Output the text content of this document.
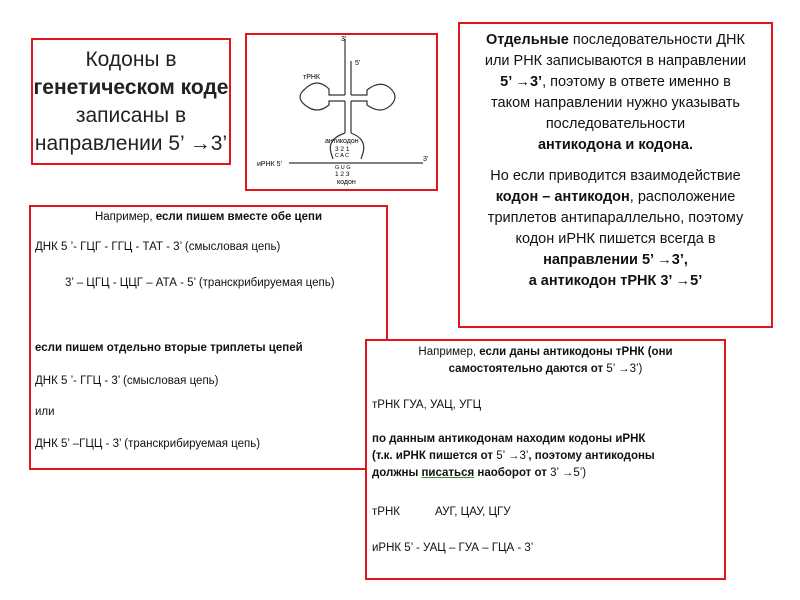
Кодоны в
генетическом коде
записаны в
направлении 5’ →3’
3’
5’
тРНК
антикодон
3 2 1
C A C
G U G
1 2 3
кодон
иРНК 5’
3’
Отдельные последовательности ДНК
или РНК записываются в направлении
5’ →3’, поэтому в ответе именно в
таком направлении нужно указывать
последовательности
антикодона и кодона.
Но если приводится взаимодействие
кодон – антикодон, расположение
триплетов антипараллельно, поэтому
кодон иРНК пишется всегда в
направлении 5’ →3’,
а антикодон тРНК 3’ →5’

Например, если пишем вместе обе цепи

ДНК 5 ’- ГЦГ - ГГЦ - ТАТ - 3’ (смысловая цепь)

3’ – ЦГЦ - ЦЦГ – АТА - 5’ (транскрибируемая цепь)

если пишем отдельно вторые триплеты цепей

ДНК 5 ’- ГГЦ - 3’ (смысловая цепь)

или

ДНК 5’ –ГЦЦ - 3’ (транскрибируемая цепь)

Например, если даны антикодоны тРНК (они

самостоятельно даются от 5’ →3’)

тРНК ГУА, УАЦ, УГЦ

по данным антикодонам находим кодоны иРНК

(т.к. иРНК пишется от 5’ →3’, поэтому антикодоны

должны писаться наоборот от 3’ →5’)

тРНК	АУГ, ЦАУ, ЦГУ

иРНК 5’ - УАЦ – ГУА – ГЦА - 3’
